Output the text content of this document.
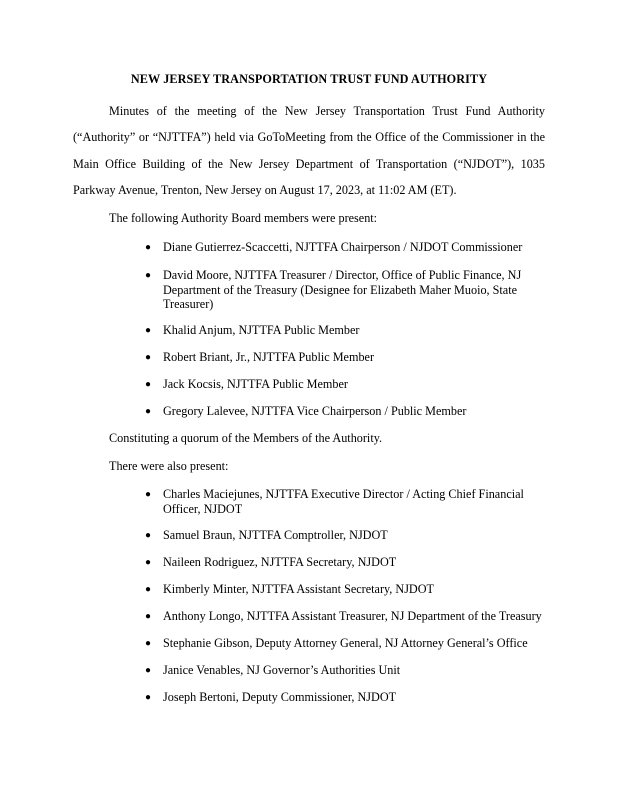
NEW JERSEY TRANSPORTATION TRUST FUND AUTHORITY

Minutes of the meeting of the New Jersey Transportation Trust Fund Authority (“Authority” or “NJTTFA”) held via GoToMeeting from the Office of the Commissioner in the Main Office Building of the New Jersey Department of Transportation (“NJDOT”), 1035 Parkway Avenue, Trenton, New Jersey on August 17, 2023, at 11:02 AM (ET).

The following Authority Board members were present:

● Diane Gutierrez-Scaccetti, NJTTFA Chairperson / NJDOT Commissioner

● David Moore, NJTTFA Treasurer / Director, Office of Public Finance, NJ Department of the Treasury (Designee for Elizabeth Maher Muoio, State Treasurer)

● Khalid Anjum, NJTTFA Public Member

● Robert Briant, Jr., NJTTFA Public Member

● Jack Kocsis, NJTTFA Public Member

● Gregory Lalevee, NJTTFA Vice Chairperson / Public Member

Constituting a quorum of the Members of the Authority.

There were also present:

● Charles Maciejunes, NJTTFA Executive Director / Acting Chief Financial Officer, NJDOT

● Samuel Braun, NJTTFA Comptroller, NJDOT

● Naileen Rodriguez, NJTTFA Secretary, NJDOT

● Kimberly Minter, NJTTFA Assistant Secretary, NJDOT

● Anthony Longo, NJTTFA Assistant Treasurer, NJ Department of the Treasury

● Stephanie Gibson, Deputy Attorney General, NJ Attorney General’s Office

● Janice Venables, NJ Governor’s Authorities Unit

● Joseph Bertoni, Deputy Commissioner, NJDOT
